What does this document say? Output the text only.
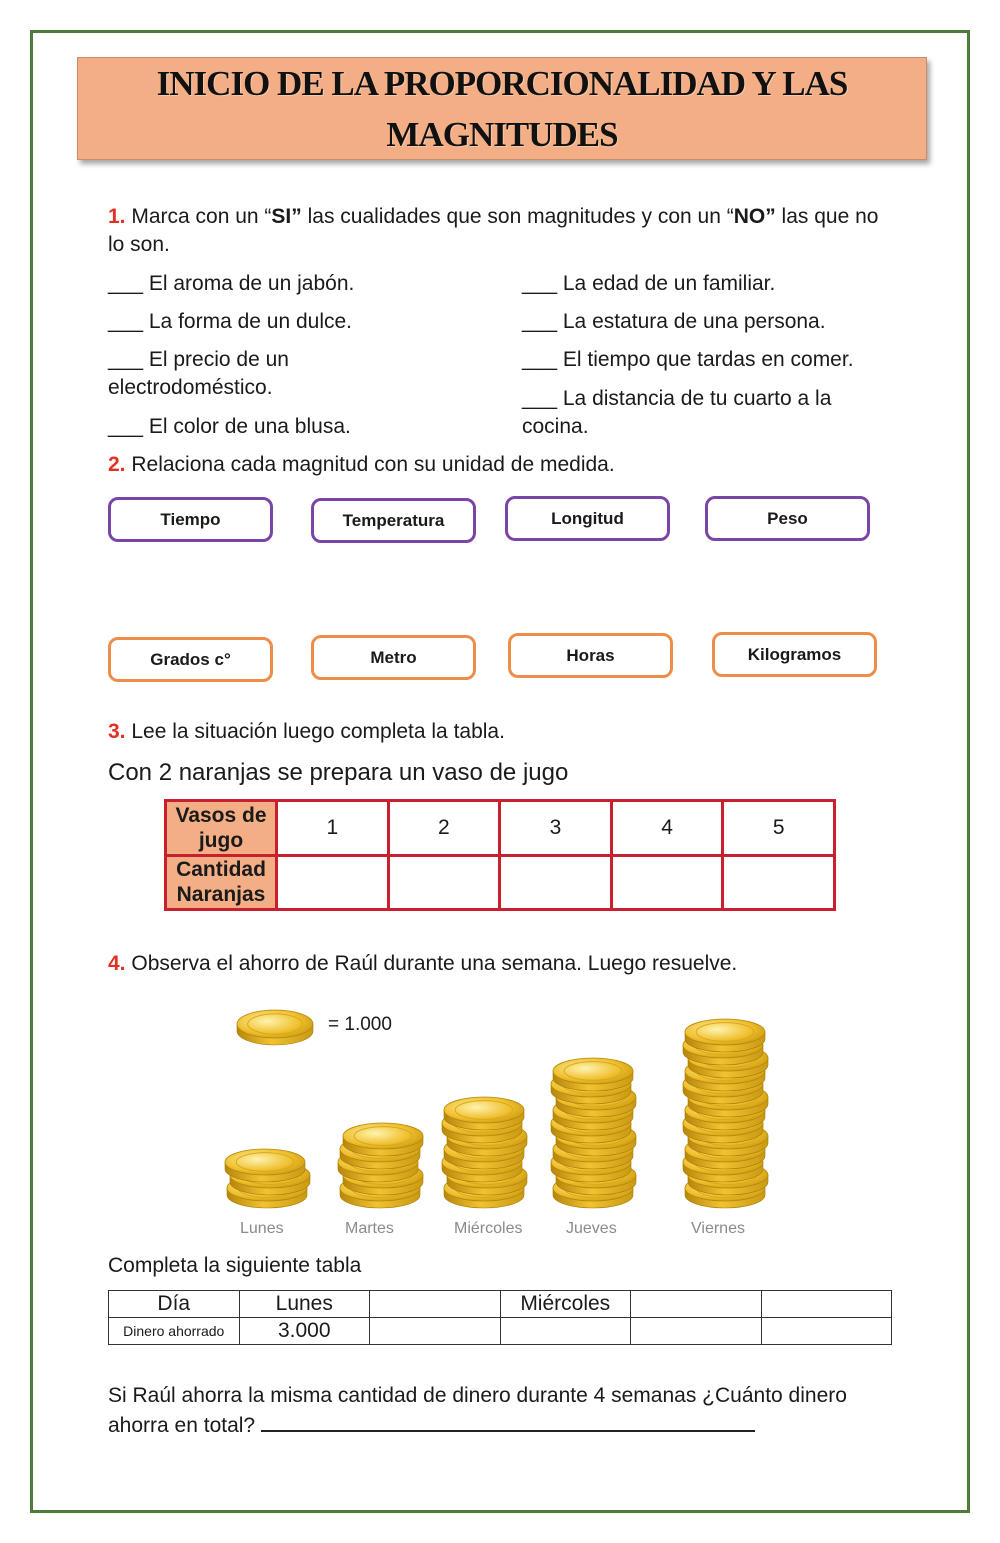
INICIO DE LA PROPORCIONALIDAD Y LAS MAGNITUDES
1. Marca con un “SI” las cualidades que son magnitudes y con un “NO” las que no lo son.
___ El aroma de un jabón.
___ La forma de un dulce.
___ El precio de un electrodoméstico.
___ El color de una blusa.
___ La edad de un familiar.
___ La estatura de una persona.
___ El tiempo que tardas en comer.
___ La distancia de tu cuarto a la cocina.
2. Relaciona cada magnitud con su unidad de medida.
Tiempo	Temperatura	Longitud	Peso
Grados c°	Metro	Horas	Kilogramos
3. Lee la situación luego completa la tabla.
Con 2 naranjas se prepara un vaso de jugo
Vasos de jugo	1	2	3	4	5
Cantidad Naranjas					
4. Observa el ahorro de Raúl durante una semana. Luego resuelve.
= 1.000
Lunes	Martes	Miércoles	Jueves	Viernes
Completa la siguiente tabla
Día	Lunes		Miércoles		
Dinero ahorrado	3.000				
Si Raúl ahorra la misma cantidad de dinero durante 4 semanas ¿Cuánto dinero ahorra en total?
